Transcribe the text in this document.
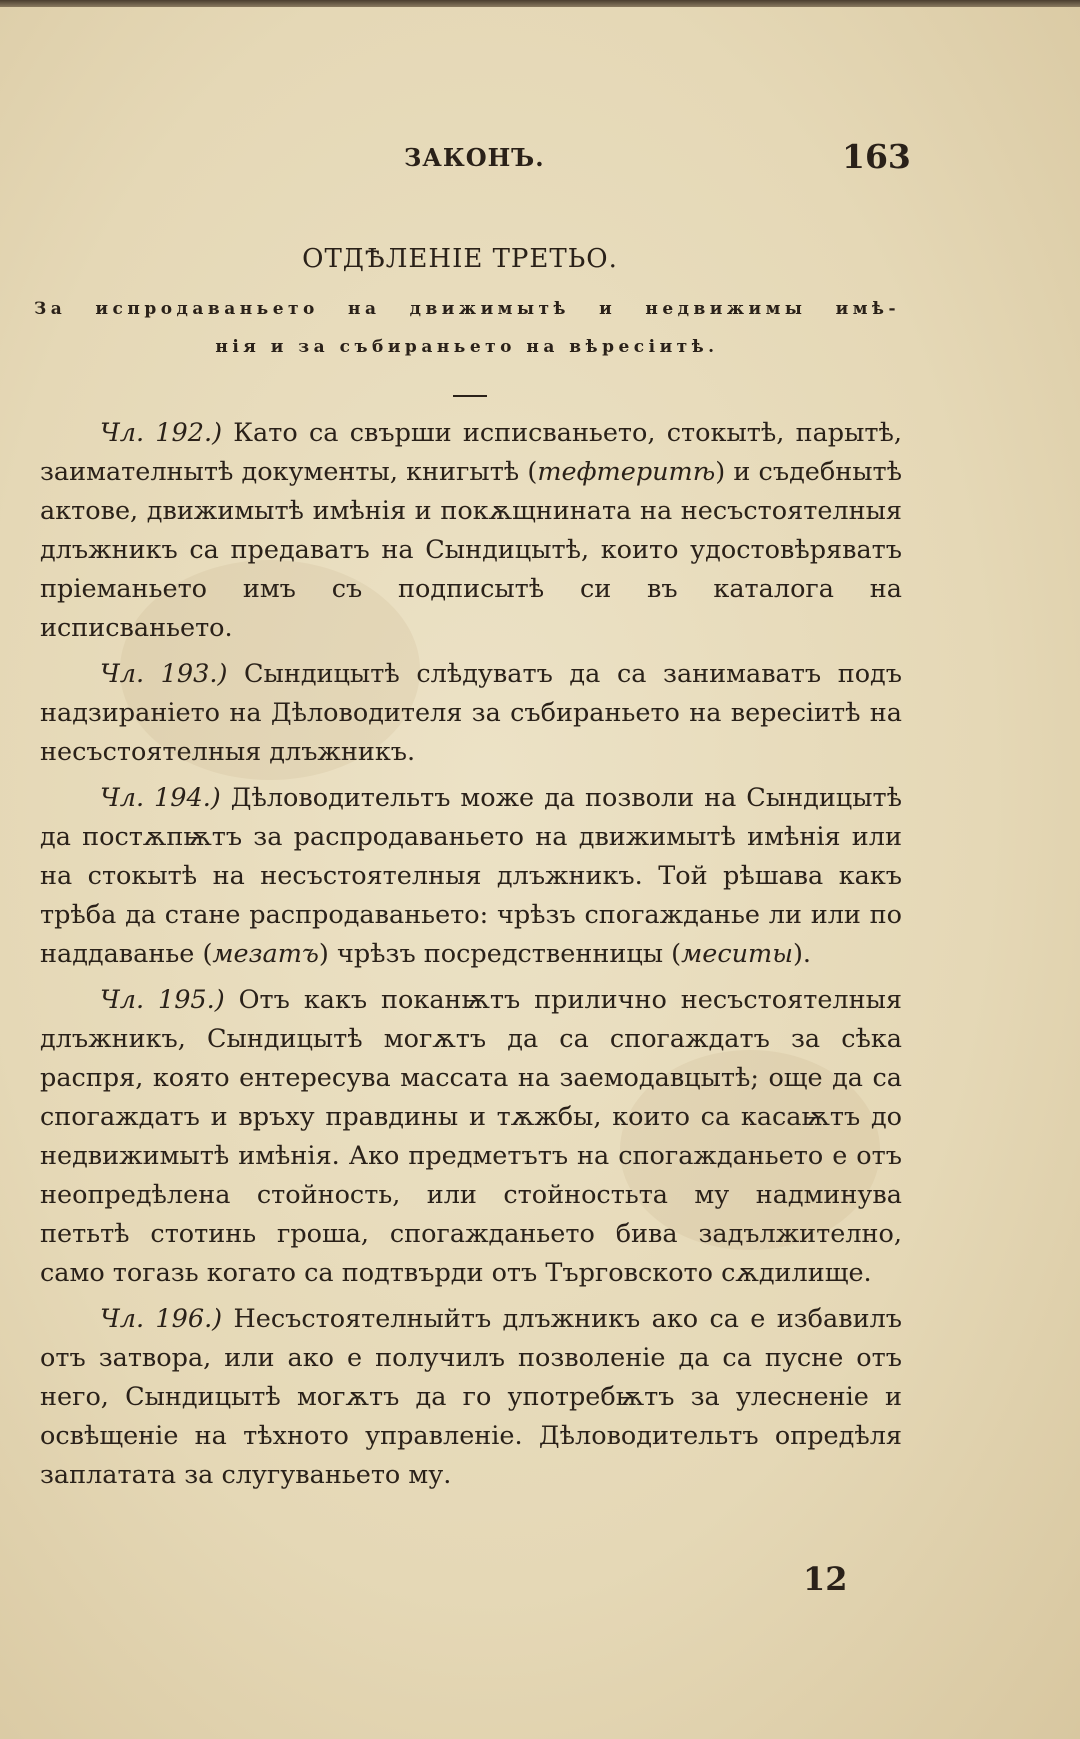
ЗАКОНЪ.	163
ОТДѢЛЕНІЕ ТРЕТЬО.
За испродаваньето на движимытѣ и недвижимы имѣ-
нія и за събираньето на вѣресіитѣ.

Чл. 192.) Като са свърши исписваньето, стокытѣ, парытѣ, заимателнытѣ документы, книгытѣ (тефтеритѣ) и съдебнытѣ актове, движимытѣ имѣнія и покѫщнината на несъстоятелныя длъжникъ са предаватъ на Сындицытѣ, които удостовѣряватъ пріеманьето имъ съ подписытѣ си въ каталога на исписваньето.

Чл. 193.) Сындицытѣ слѣдуватъ да са занимаватъ подъ надзираніето на Дѣловодителя за събираньето на вересіитѣ на несъстоятелныя длъжникъ.

Чл. 194.) Дѣловодительтъ може да позволи на Сындицытѣ да постѫпѭтъ за распродаваньето на движимытѣ имѣнія или на стокытѣ на несъстоятелныя длъжникъ. Той рѣшава какъ трѣба да стане распродаваньето: чрѣзъ спогажданье ли или по наддаванье (мезатъ) чрѣзъ посредственницы (меситы).

Чл. 195.) Отъ какъ поканѭтъ прилично несъстоятелныя длъжникъ, Сындицытѣ могѫтъ да са спогаждатъ за сѣка распря, която ентересува массата на заемодавцытѣ; още да са спогаждатъ и връху правдины и тѫжбы, които са касаѭтъ до недвижимытѣ имѣнія. Ако предметътъ на спогажданьето е отъ неопредѣлена стойность, или стойностьта му надминува петьтѣ стотинь гроша, спогажданьето бива задължително, само тогазь когато са подтвърди отъ Търговското сѫдилище.

Чл. 196.) Несъстоятелныйтъ длъжникъ ако са е избавилъ отъ затвора, или ако е получилъ позволеніе да са пусне отъ него, Сындицытѣ могѫтъ да го употребѭтъ за улесненіе и освѣщеніе на тѣхното управленіе. Дѣловодительтъ опредѣля заплатата за слугуваньето му.

12
